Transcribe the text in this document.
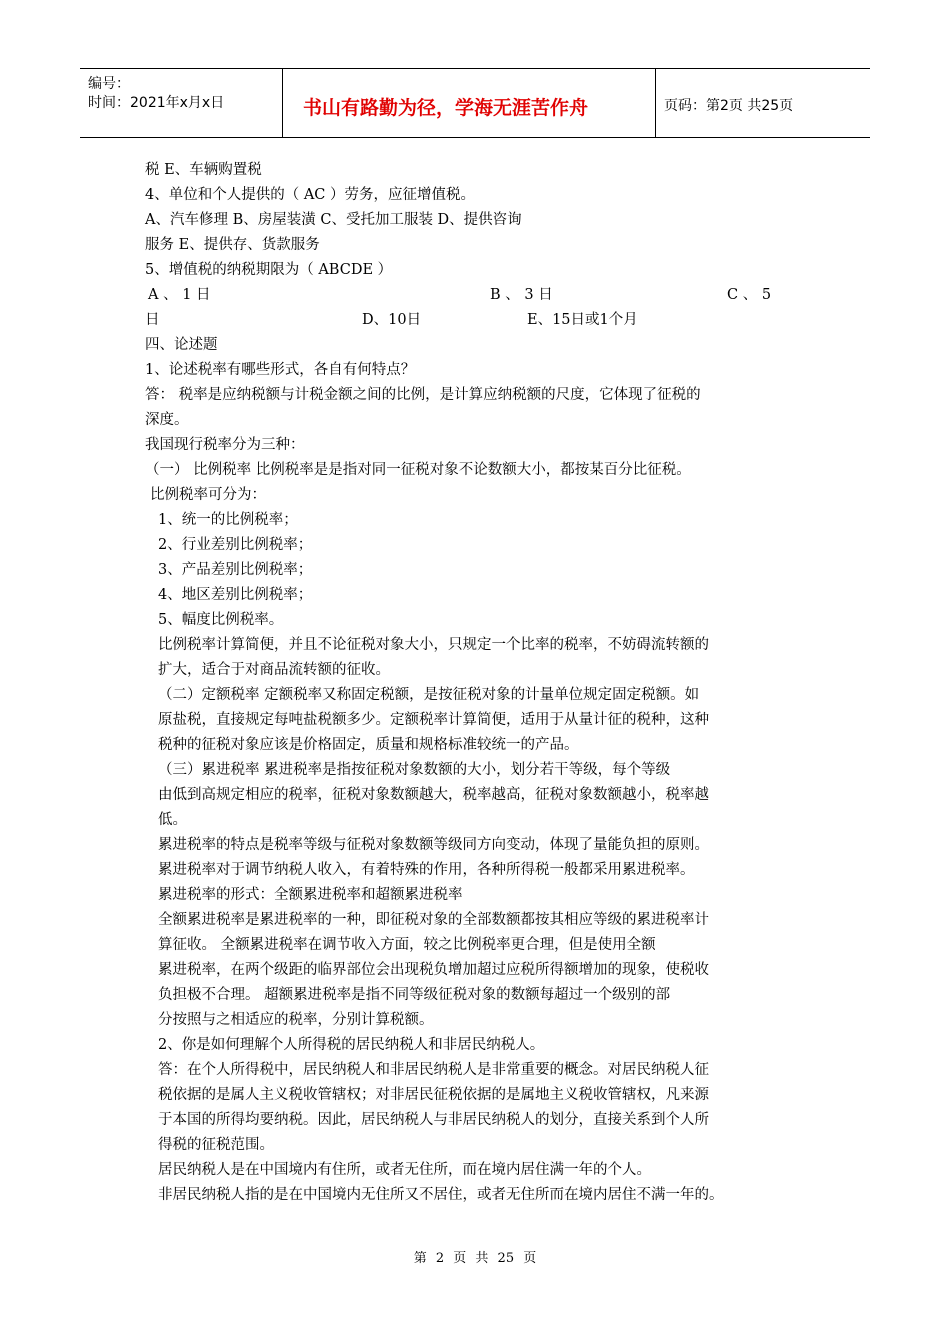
编号：
时间：2021年x月x日	书山有路勤为径，学海无涯苦作舟	页码：第2页 共25页
税 E、车辆购置税
4、单位和个人提供的（ AC ）劳务，应征增值税。
A、汽车修理 B、房屋装潢 C、受托加工服装 D、提供咨询
服务 E、提供存、货款服务
5、增值税的纳税期限为（ ABCDE ）
A 、 1 日	B 、 3 日	C 、 5
日	D、10日	E、15日或1个月
四、论述题
1、论述税率有哪些形式，各自有何特点？
答： 税率是应纳税额与计税金额之间的比例，是计算应纳税额的尺度，它体现了征税的
深度。
我国现行税率分为三种：
（一） 比例税率 比例税率是是指对同一征税对象不论数额大小，都按某百分比征税。
比例税率可分为：
1、统一的比例税率；
2、行业差别比例税率；
3、产品差别比例税率；
4、地区差别比例税率；
5、幅度比例税率。
比例税率计算简便，并且不论征税对象大小，只规定一个比率的税率，不妨碍流转额的
扩大，适合于对商品流转额的征收。
（二）定额税率 定额税率又称固定税额，是按征税对象的计量单位规定固定税额。如
原盐税，直接规定每吨盐税额多少。定额税率计算简便，适用于从量计征的税种，这种
税种的征税对象应该是价格固定，质量和规格标准较统一的产品。
（三）累进税率 累进税率是指按征税对象数额的大小，划分若干等级，每个等级
由低到高规定相应的税率，征税对象数额越大，税率越高，征税对象数额越小，税率越
低。
累进税率的特点是税率等级与征税对象数额等级同方向变动，体现了量能负担的原则。
累进税率对于调节纳税人收入，有着特殊的作用，各种所得税一般都采用累进税率。
累进税率的形式：全额累进税率和超额累进税率
全额累进税率是累进税率的一种，即征税对象的全部数额都按其相应等级的累进税率计
算征收。 全额累进税率在调节收入方面，较之比例税率更合理，但是使用全额
累进税率，在两个级距的临界部位会出现税负增加超过应税所得额增加的现象，使税收
负担极不合理。 超额累进税率是指不同等级征税对象的数额每超过一个级别的部
分按照与之相适应的税率，分别计算税额。
2、你是如何理解个人所得税的居民纳税人和非居民纳税人。
答：在个人所得税中，居民纳税人和非居民纳税人是非常重要的概念。对居民纳税人征
税依据的是属人主义税收管辖权；对非居民征税依据的是属地主义税收管辖权，凡来源
于本国的所得均要纳税。因此，居民纳税人与非居民纳税人的划分，直接关系到个人所
得税的征税范围。
居民纳税人是在中国境内有住所，或者无住所，而在境内居住满一年的个人。
非居民纳税人指的是在中国境内无住所又不居住，或者无住所而在境内居住不满一年的。
第 2 页 共 25 页
